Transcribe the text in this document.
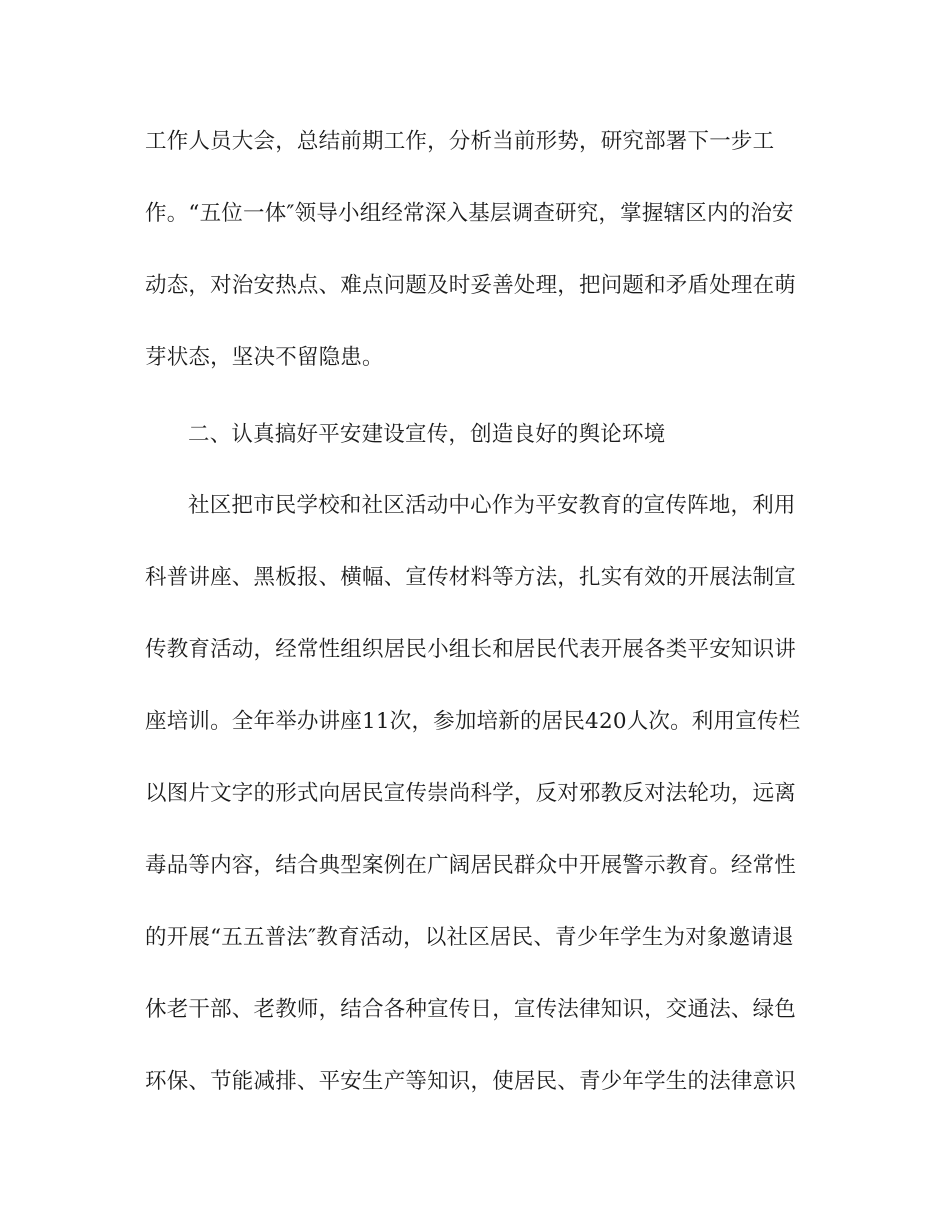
工作人员大会，总结前期工作，分析当前形势，研究部署下一步工
作。“五位一体″领导小组经常深入基层调查研究，掌握辖区内的治安
动态，对治安热点、难点问题及时妥善处理，把问题和矛盾处理在萌
芽状态，坚决不留隐患。
二、认真搞好平安建设宣传，创造良好的舆论环境
社区把市民学校和社区活动中心作为平安教育的宣传阵地，利用
科普讲座、黑板报、横幅、宣传材料等方法，扎实有效的开展法制宣
传教育活动，经常性组织居民小组长和居民代表开展各类平安知识讲
座培训。全年举办讲座11次，参加培新的居民420人次。利用宣传栏
以图片文字的形式向居民宣传崇尚科学，反对邪教反对法轮功，远离
毒品等内容，结合典型案例在广阔居民群众中开展警示教育。经常性
的开展“五五普法″教育活动，以社区居民、青少年学生为对象邀请退
休老干部、老教师，结合各种宣传日，宣传法律知识，交通法、绿色
环保、节能减排、平安生产等知识，使居民、青少年学生的法律意识
